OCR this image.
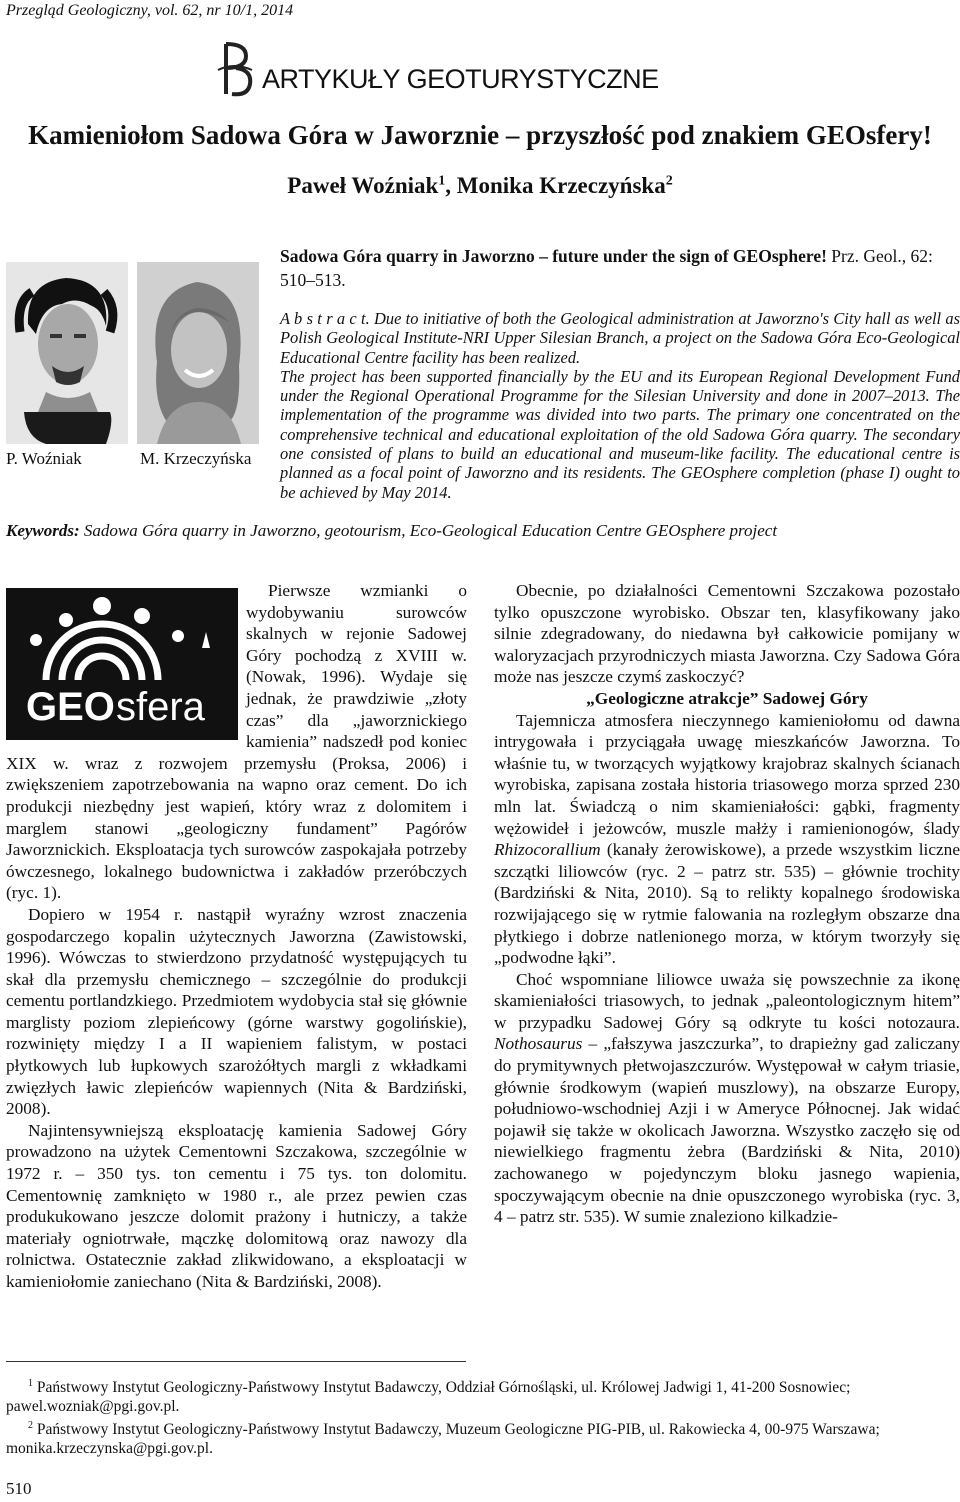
Przegląd Geologiczny, vol. 62, nr 10/1, 2014
ARTYKUŁY GEOTURYSTYCZNE
Kamieniołom Sadowa Góra w Jaworznie – przyszłość pod znakiem GEOsfery!
Paweł Woźniak$^1$, Monika Krzeczyńska$^2$
P. Woźniak	M. Krzeczyńska
Sadowa Góra quarry in Jaworzno – future under the sign of GEOsphere! Prz. Geol., 62: 510–513.

A b s t r a c t. Due to initiative of both the Geological administration at Jaworzno's City hall as well as Polish Geological Institute-NRI Upper Silesian Branch, a project on the Sadowa Góra Eco-Geological Educational Centre facility has been realized.

The project has been supported financially by the EU and its European Regional Development Fund under the Regional Operational Programme for the Silesian University and done in 2007–2013. The implementation of the programme was divided into two parts. The primary one concentrated on the comprehensive technical and educational exploitation of the old Sadowa Góra quarry. The secondary one consisted of plans to build an educational and museum-like facility. The educational centre is planned as a focal point of Jaworzno and its residents. The GEOsphere completion (phase I) ought to be achieved by May 2014.

Keywords: Sadowa Góra quarry in Jaworzno, geotourism, Eco-Geological Education Centre GEOsphere project
GEO sfera

Pierwsze wzmianki o wydobywaniu surowców skalnych w rejonie Sadowej Góry pochodzą z XVIII w. (Nowak, 1996). Wydaje się jednak, że prawdziwie „złoty czas” dla „jaworznickiego kamienia” nadszedł pod koniec XIX w. wraz z rozwojem przemysłu (Proksa, 2006) i zwiększeniem zapotrzebowania na wapno oraz cement. Do ich produkcji niezbędny jest wapień, który wraz z dolomitem i marglem stanowi „geologiczny fundament” Pagórów Jaworznickich. Eksploatacja tych surowców zaspokajała potrzeby ówczesnego, lokalnego budownictwa i zakładów przeróbczych (ryc. 1).

Dopiero w 1954 r. nastąpił wyraźny wzrost znaczenia gospodarczego kopalin użytecznych Jaworzna (Zawistowski, 1996). Wówczas to stwierdzono przydatność występujących tu skał dla przemysłu chemicznego – szczególnie do produkcji cementu portlandzkiego. Przedmiotem wydobycia stał się głównie marglisty poziom zlepieńcowy (górne warstwy gogolińskie), rozwinięty między I a II wapieniem falistym, w postaci płytkowych lub łupkowych szarożółtych margli z wkładkami zwięzłych ławic zlepieńców wapiennych (Nita & Bardziński, 2008).

Najintensywniejszą eksploatację kamienia Sadowej Góry prowadzono na użytek Cementowni Szczakowa, szczególnie w 1972 r. – 350 tys. ton cementu i 75 tys. ton dolomitu. Cementownię zamknięto w 1980 r., ale przez pewien czas produkukowano jeszcze dolomit prażony i hutniczy, a także materiały ogniotrwałe, mączkę dolomitową oraz nawozy dla rolnictwa. Ostatecznie zakład zlikwidowano, a eksploatacji w kamieniołomie zaniechano (Nita & Bardziński, 2008).

Obecnie, po działalności Cementowni Szczakowa pozostało tylko opuszczone wyrobisko. Obszar ten, klasyfikowany jako silnie zdegradowany, do niedawna był całkowicie pomijany w waloryzacjach przyrodniczych miasta Jaworzna. Czy Sadowa Góra może nas jeszcze czymś zaskoczyć?

„Geologiczne atrakcje” Sadowej Góry

Tajemnicza atmosfera nieczynnego kamieniołomu od dawna intrygowała i przyciągała uwagę mieszkańców Jaworzna. To właśnie tu, w tworzących wyjątkowy krajobraz skalnych ścianach wyrobiska, zapisana została historia triasowego morza sprzed 230 mln lat. Świadczą o nim skamieniałości: gąbki, fragmenty wężowideł i jeżowców, muszle małży i ramienionogów, ślady Rhizocorallium (kanały żerowiskowe), a przede wszystkim liczne szczątki liliowców (ryc. 2 – patrz str. 535) – głównie trochity (Bardziński & Nita, 2010). Są to relikty kopalnego środowiska rozwijającego się w rytmie falowania na rozległym obszarze dna płytkiego i dobrze natlenionego morza, w którym tworzyły się „podwodne łąki”.

Choć wspomniane liliowce uważa się powszechnie za ikonę skamieniałości triasowych, to jednak „paleontologicznym hitem” w przypadku Sadowej Góry są odkryte tu kości notozaura. Nothosaurus – „fałszywa jaszczurka”, to drapieżny gad zaliczany do prymitywnych płetwojaszczurów. Występował w całym triasie, głównie środkowym (wapień muszlowy), na obszarze Europy, południowo-wschodniej Azji i w Ameryce Północnej. Jak widać pojawił się także w okolicach Jaworzna. Wszystko zaczęło się od niewielkiego fragmentu żebra (Bardziński & Nita, 2010) zachowanego w pojedynczym bloku jasnego wapienia, spoczywającym obecnie na dnie opuszczonego wyrobiska (ryc. 3, 4 – patrz str. 535). W sumie znaleziono kilkadzie-

$^1$ Państwowy Instytut Geologiczny-Państwowy Instytut Badawczy, Oddział Górnośląski, ul. Królowej Jadwigi 1, 41-200 Sosnowiec; pawel.wozniak@pgi.gov.pl.

$^2$ Państwowy Instytut Geologiczny-Państwowy Instytut Badawczy, Muzeum Geologiczne PIG-PIB, ul. Rakowiecka 4, 00-975 Warszawa; monika.krzeczynska@pgi.gov.pl.

510
